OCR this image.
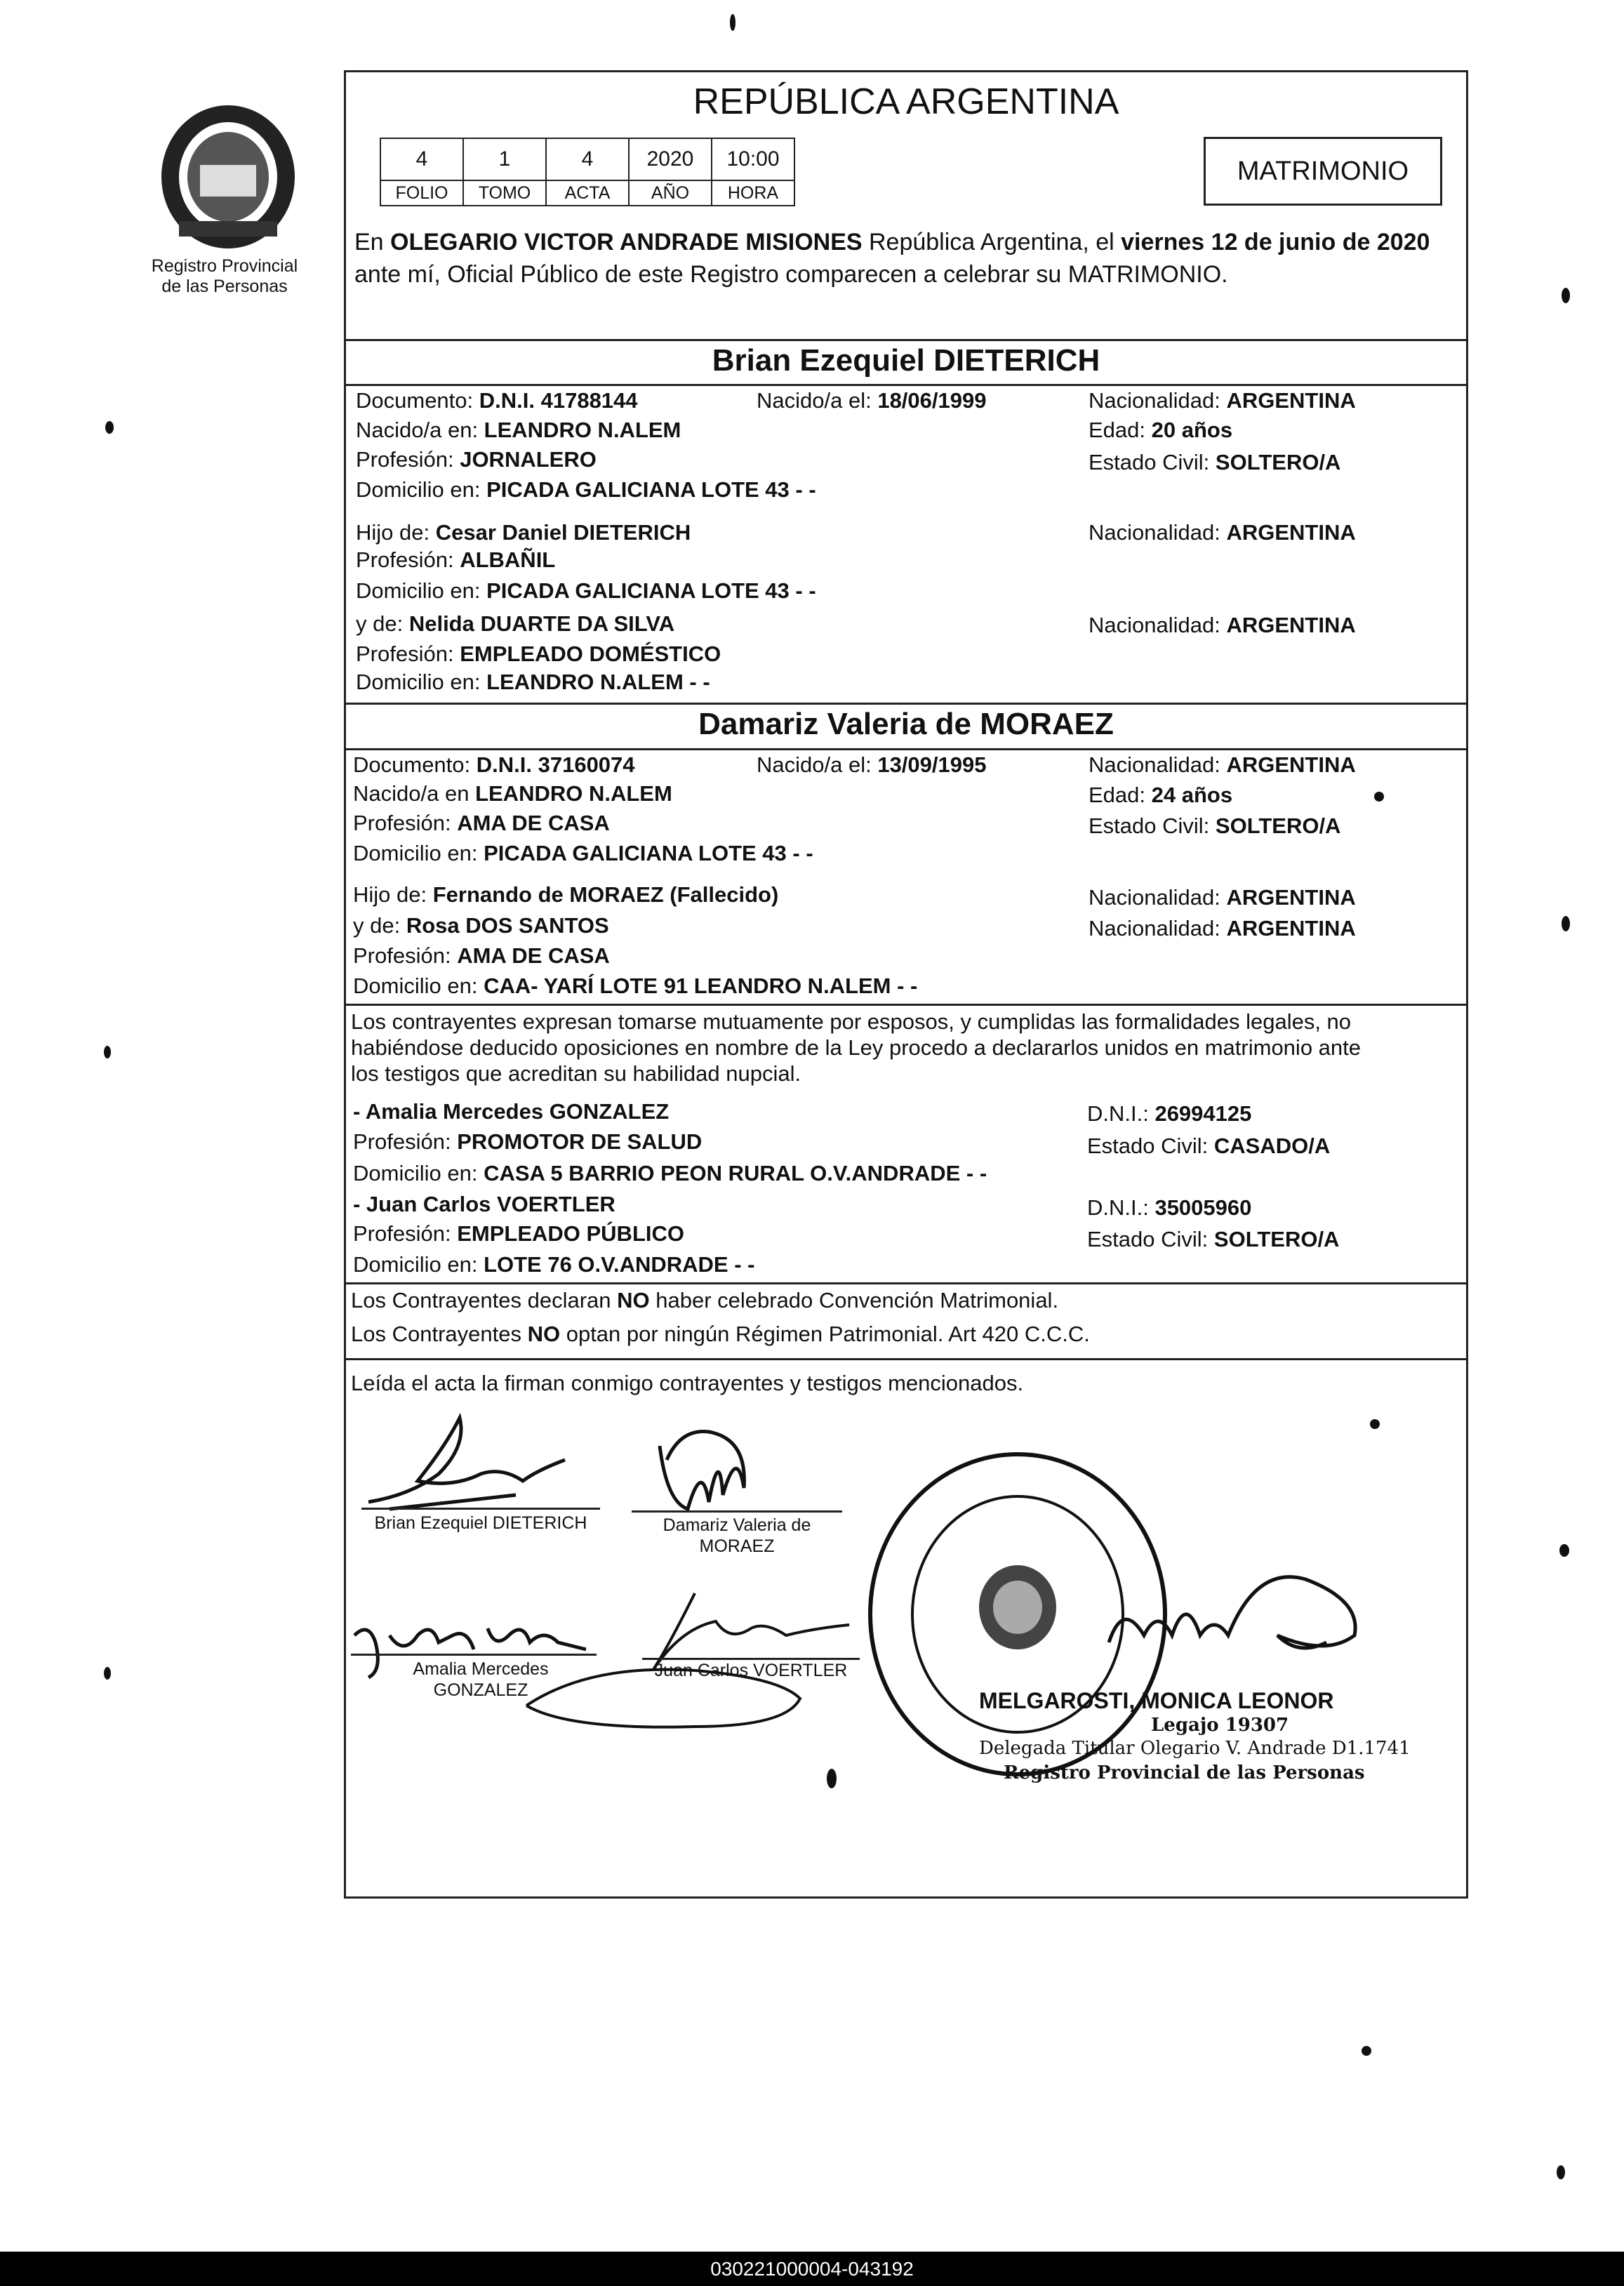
Registro Provincial
de las Personas
REPÚBLICA ARGENTINA
4	1	4	2020	10:00
FOLIO	TOMO	ACTA	AÑO	HORA
MATRIMONIO
En OLEGARIO VICTOR ANDRADE MISIONES República Argentina, el viernes 12 de junio de 2020 ante mí, Oficial Público de este Registro comparecen a celebrar su MATRIMONIO.
Brian Ezequiel DIETERICH
Documento: D.N.I. 41788144	Nacido/a el: 18/06/1999	Nacionalidad: ARGENTINA
Nacido/a en: LEANDRO N.ALEM	Edad: 20 años
Profesión: JORNALERO	Estado Civil: SOLTERO/A
Domicilio en: PICADA GALICIANA LOTE 43 - -
Hijo de: Cesar Daniel DIETERICH	Nacionalidad: ARGENTINA
Profesión: ALBAÑIL
Domicilio en: PICADA GALICIANA LOTE 43 - -
y de: Nelida DUARTE DA SILVA	Nacionalidad: ARGENTINA
Profesión: EMPLEADO DOMÉSTICO
Domicilio en: LEANDRO N.ALEM - -
Damariz Valeria de MORAEZ
Documento: D.N.I. 37160074	Nacido/a el: 13/09/1995	Nacionalidad: ARGENTINA
Nacido/a en LEANDRO N.ALEM	Edad: 24 años
Profesión: AMA DE CASA	Estado Civil: SOLTERO/A
Domicilio en: PICADA GALICIANA LOTE 43 - -
Hijo de: Fernando de MORAEZ (Fallecido)	Nacionalidad: ARGENTINA
y de: Rosa DOS SANTOS	Nacionalidad: ARGENTINA
Profesión: AMA DE CASA
Domicilio en: CAA- YARÍ LOTE 91 LEANDRO N.ALEM - -
Los contrayentes expresan tomarse mutuamente por esposos, y cumplidas las formalidades legales, no
habiéndose deducido oposiciones en nombre de la Ley procedo a declararlos unidos en matrimonio ante
los testigos que acreditan su habilidad nupcial.
- Amalia Mercedes GONZALEZ	D.N.I.: 26994125
Profesión: PROMOTOR DE SALUD	Estado Civil: CASADO/A
Domicilio en: CASA 5 BARRIO PEON RURAL O.V.ANDRADE - -
- Juan Carlos VOERTLER	D.N.I.: 35005960
Profesión: EMPLEADO PÚBLICO	Estado Civil: SOLTERO/A
Domicilio en: LOTE 76 O.V.ANDRADE - -
Los Contrayentes declaran NO haber celebrado Convención Matrimonial.
Los Contrayentes NO optan por ningún Régimen Patrimonial. Art 420 C.C.C.
Leída el acta la firman conmigo contrayentes y testigos mencionados.
Brian Ezequiel DIETERICH	Damariz Valeria de
MORAEZ
Amalia Mercedes
GONZALEZ
Juan Carlos VOERTLER
MELGAROSTI, MONICA LEONOR
Legajo 19307
Delegada Titular Olegario V. Andrade D1.1741
Registro Provincial de las Personas
030221000004-043192
